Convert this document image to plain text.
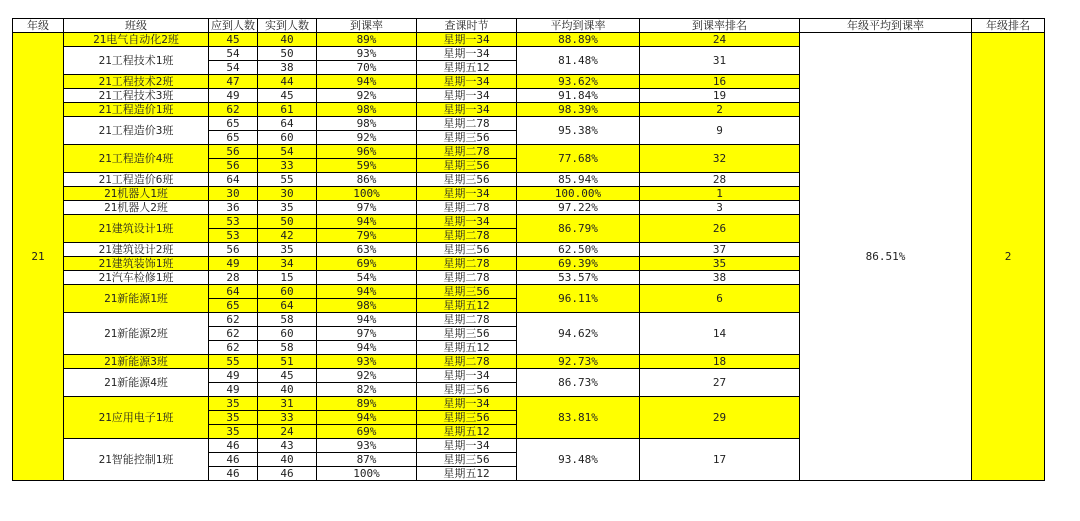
年级	班级	应到人数	实到人数	到课率	查课时节	平均到课率	到课率排名	年级平均到课率	年级排名
21	21电气自动化2班	45	40	89%	星期一34	88.89%	24	86.51%	2
	21工程技术1班	54	50	93%	星期一34	81.48%	31		
		54	38	70%	星期五12				
	21工程技术2班	47	44	94%	星期一34	93.62%	16		
	21工程技术3班	49	45	92%	星期一34	91.84%	19		
	21工程造价1班	62	61	98%	星期一34	98.39%	2		
	21工程造价3班	65	64	98%	星期二78	95.38%	9		
		65	60	92%	星期三56				
	21工程造价4班	56	54	96%	星期二78	77.68%	32		
		56	33	59%	星期三56				
	21工程造价6班	64	55	86%	星期三56	85.94%	28		
	21机器人1班	30	30	100%	星期一34	100.00%	1		
	21机器人2班	36	35	97%	星期二78	97.22%	3		
	21建筑设计1班	53	50	94%	星期一34	86.79%	26		
		53	42	79%	星期二78				
	21建筑设计2班	56	35	63%	星期三56	62.50%	37		
	21建筑装饰1班	49	34	69%	星期二78	69.39%	35		
	21汽车检修1班	28	15	54%	星期二78	53.57%	38		
	21新能源1班	64	60	94%	星期三56	96.11%	6		
		65	64	98%	星期五12				
	21新能源2班	62	58	94%	星期二78	94.62%	14		
		62	60	97%	星期三56				
		62	58	94%	星期五12				
	21新能源3班	55	51	93%	星期二78	92.73%	18		
	21新能源4班	49	45	92%	星期一34	86.73%	27		
		49	40	82%	星期三56				
	21应用电子1班	35	31	89%	星期一34	83.81%	29		
		35	33	94%	星期三56				
		35	24	69%	星期五12				
	21智能控制1班	46	43	93%	星期一34	93.48%	17		
		46	40	87%	星期三56				
		46	46	100%	星期五12				
